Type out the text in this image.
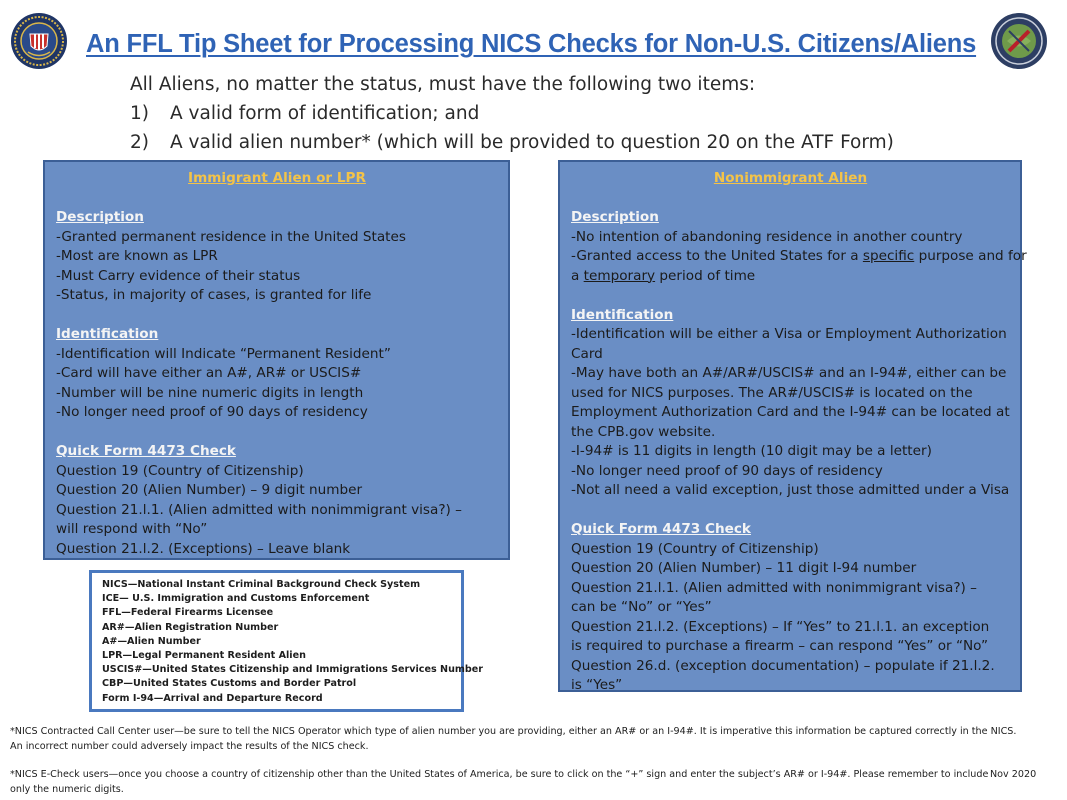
An FFL Tip Sheet for Processing NICS Checks for Non-U.S. Citizens/Aliens
All Aliens, no matter the status, must have the following two items:
1) A valid form of identification; and
2) A valid alien number* (which will be provided to question 20 on the ATF Form)
Immigrant Alien or LPR
Description
-Granted permanent residence in the United States
-Most are known as LPR
-Must Carry evidence of their status
-Status, in majority of cases, is granted for life
Identification
-Identification will Indicate “Permanent Resident”
-Card will have either an A#, AR# or USCIS#
-Number will be nine numeric digits in length
-No longer need proof of 90 days of residency
Quick Form 4473 Check
Question 19 (Country of Citizenship)
Question 20 (Alien Number) – 9 digit number
Question 21.l.1. (Alien admitted with nonimmigrant visa?) –
will respond with “No”
Question 21.l.2. (Exceptions) – Leave blank
Nonimmigrant Alien
Description
-No intention of abandoning residence in another country
-Granted access to the United States for a specific purpose and for
a temporary period of time
Identification
-Identification will be either a Visa or Employment Authorization
Card
-May have both an A#/AR#/USCIS# and an I-94#, either can be
used for NICS purposes. The AR#/USCIS# is located on the
Employment Authorization Card and the I-94# can be located at
the CPB.gov website.
-I-94# is 11 digits in length (10 digit may be a letter)
-No longer need proof of 90 days of residency
-Not all need a valid exception, just those admitted under a Visa
Quick Form 4473 Check
Question 19 (Country of Citizenship)
Question 20 (Alien Number) – 11 digit I-94 number
Question 21.l.1. (Alien admitted with nonimmigrant visa?) –
can be “No” or “Yes”
Question 21.l.2. (Exceptions) – If “Yes” to 21.l.1. an exception
is required to purchase a firearm – can respond “Yes” or “No”
Question 26.d. (exception documentation) – populate if 21.l.2.
is “Yes”
NICS—National Instant Criminal Background Check System
ICE— U.S. Immigration and Customs Enforcement
FFL—Federal Firearms Licensee
AR#—Alien Registration Number
A#—Alien Number
LPR—Legal Permanent Resident Alien
USCIS#—United States Citizenship and Immigrations Services Number
CBP—United States Customs and Border Patrol
Form I-94—Arrival and Departure Record
*NICS Contracted Call Center user—be sure to tell the NICS Operator which type of alien number you are providing, either an AR# or an I-94#. It is imperative this information be captured correctly in the NICS.
An incorrect number could adversely impact the results of the NICS check.
*NICS E-Check users—once you choose a country of citizenship other than the United States of America, be sure to click on the “+” sign and enter the subject’s AR# or I-94#. Please remember to include
only the numeric digits.
Nov 2020
